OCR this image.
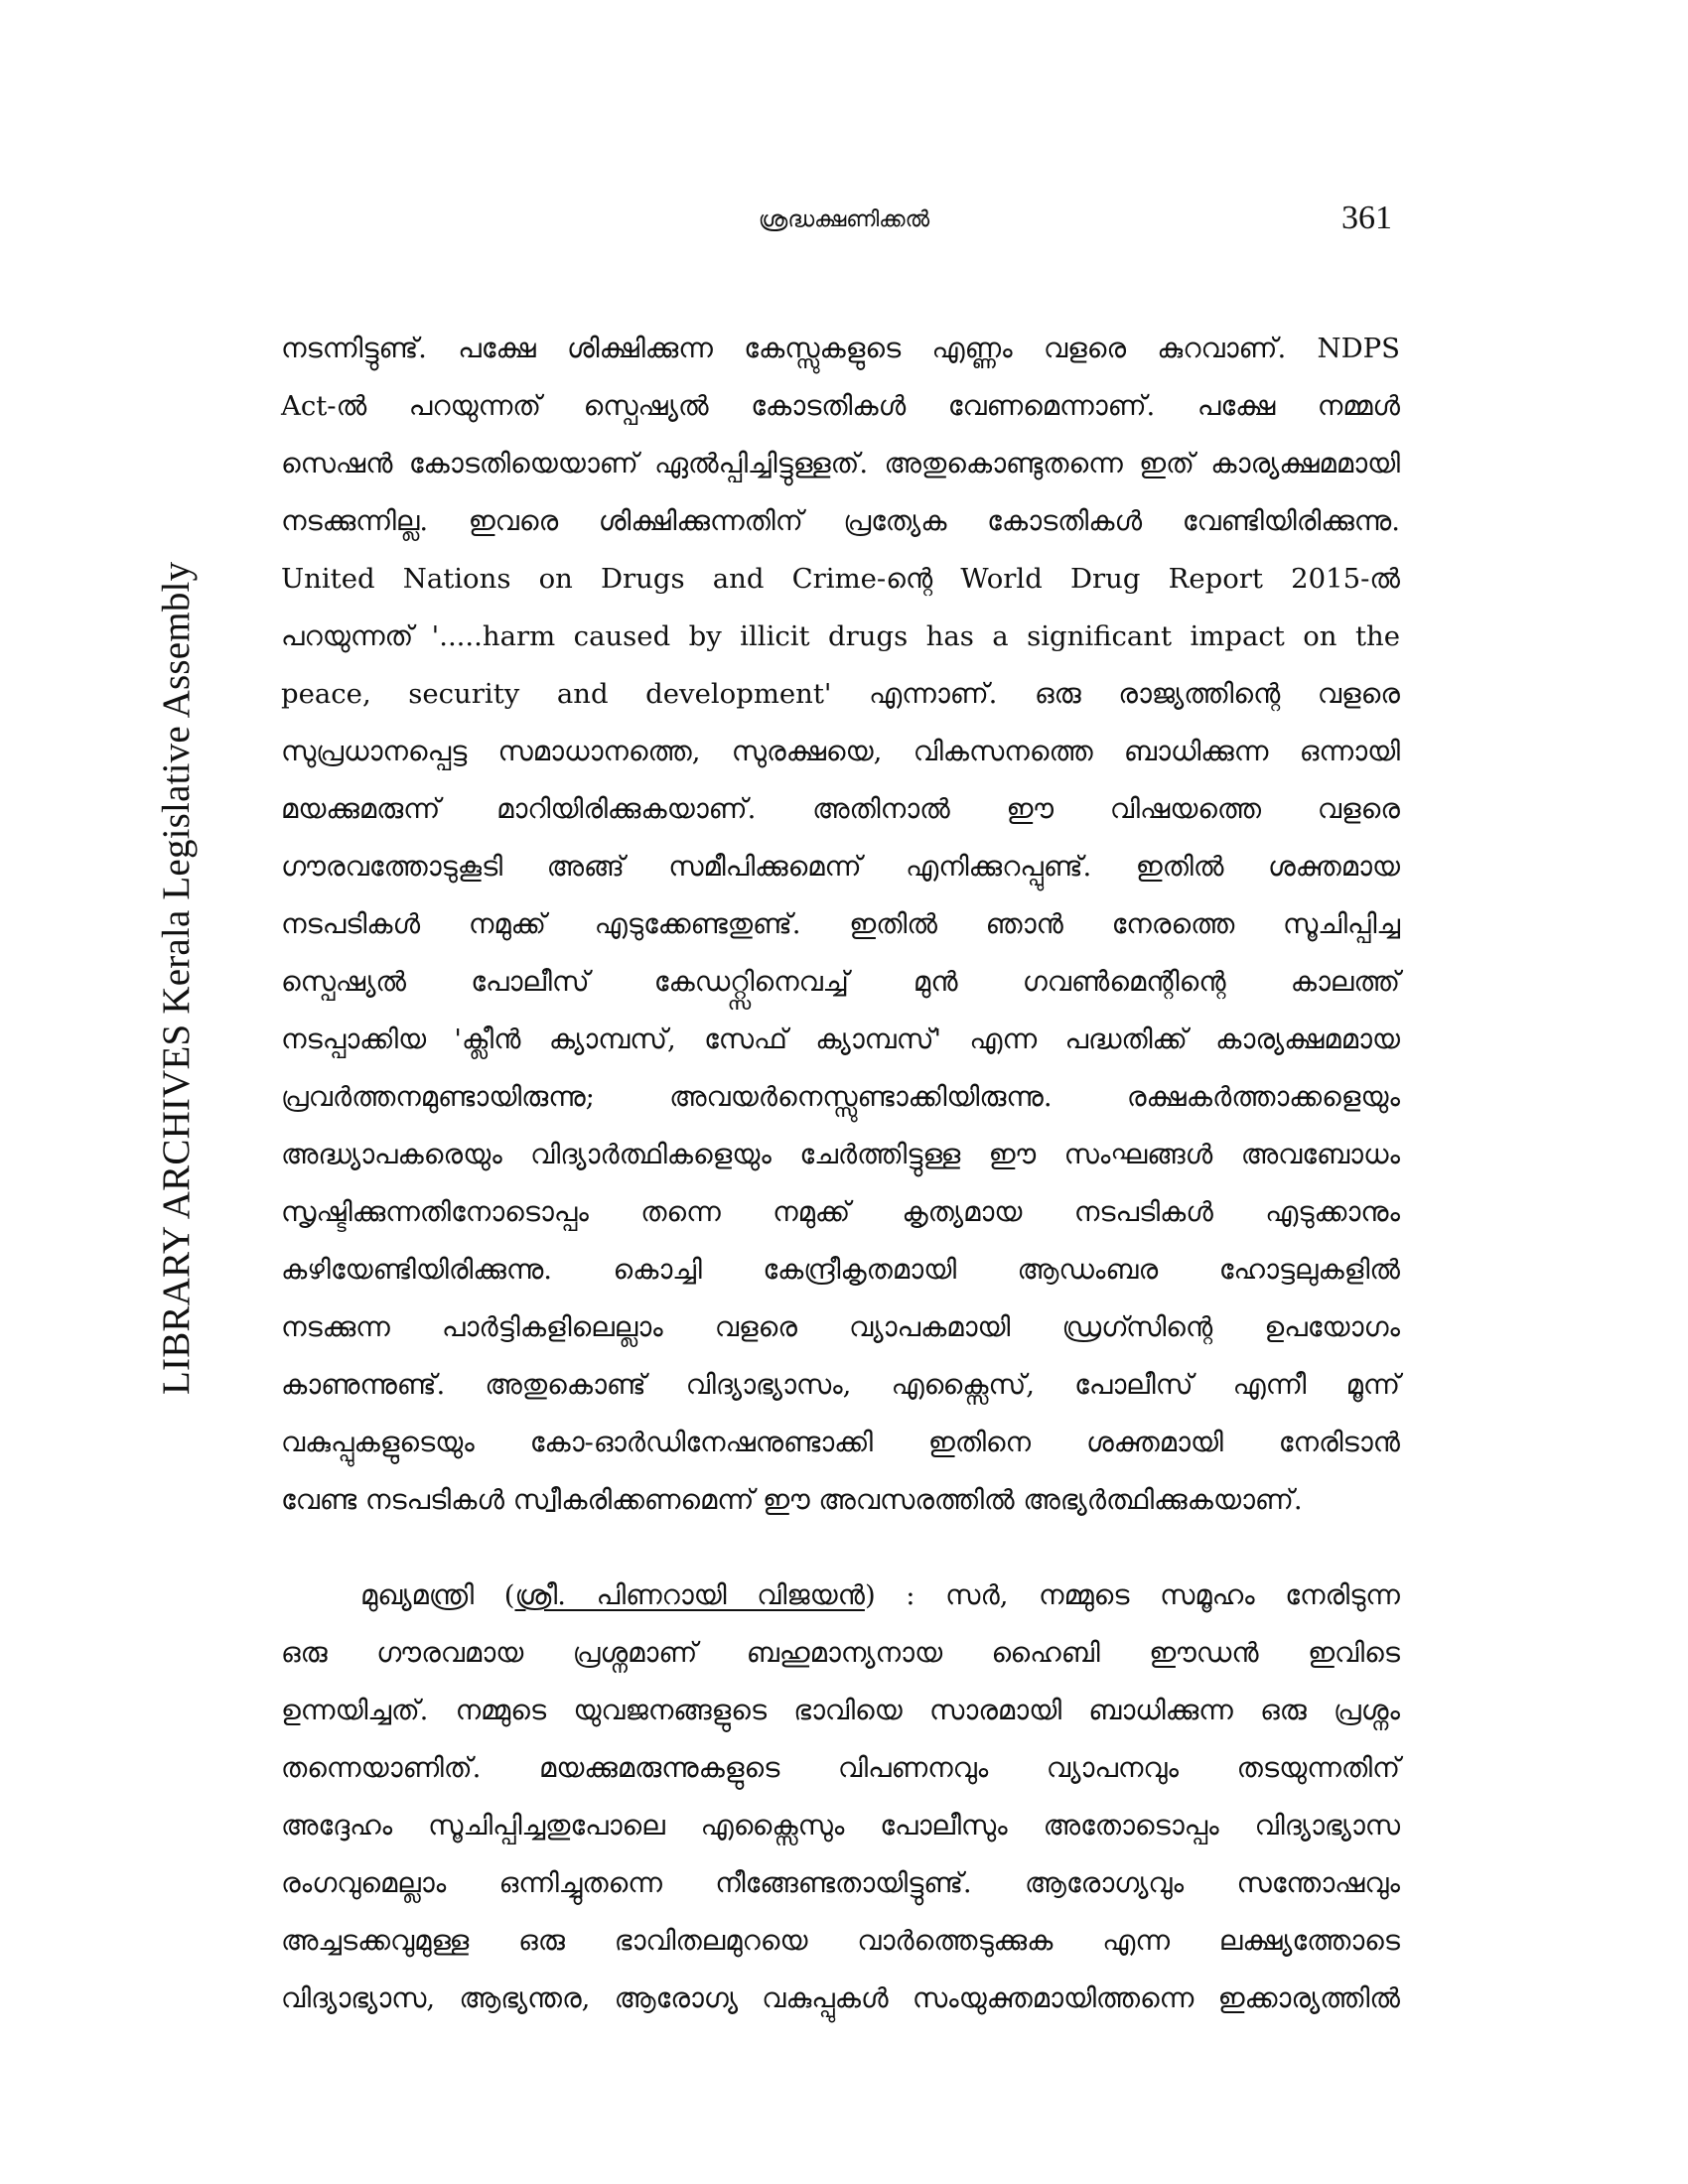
LIBRARY ARCHIVES Kerala Legislative Assembly
ശ്രദ്ധക്ഷണിക്കൽ	361
നടന്നിട്ടുണ്ട്. പക്ഷേ ശിക്ഷിക്കുന്ന കേസ്സുകളുടെ എണ്ണം വളരെ കുറവാണ്. NDPS
Act-ൽ പറയുന്നത് സ്പെഷ്യൽ കോടതികൾ വേണമെന്നാണ്. പക്ഷേ നമ്മൾ
സെഷൻ കോടതിയെയാണ് ഏൽപ്പിച്ചിട്ടുള്ളത്. അതുകൊണ്ടുതന്നെ ഇത് കാര്യക്ഷമമായി
നടക്കുന്നില്ല. ഇവരെ ശിക്ഷിക്കുന്നതിന് പ്രത്യേക കോടതികൾ വേണ്ടിയിരിക്കുന്നു.
United Nations on Drugs and Crime-ന്റെ World Drug Report 2015-ൽ
പറയുന്നത് '.....harm caused by illicit drugs has a significant impact on the
peace, security and development' എന്നാണ്. ഒരു രാജ്യത്തിന്റെ വളരെ
സുപ്രധാനപ്പെട്ട സമാധാനത്തെ, സുരക്ഷയെ, വികസനത്തെ ബാധിക്കുന്ന ഒന്നായി
മയക്കുമരുന്ന് മാറിയിരിക്കുകയാണ്. അതിനാൽ ഈ വിഷയത്തെ വളരെ
ഗൗരവത്തോടുകൂടി അങ്ങ് സമീപിക്കുമെന്ന് എനിക്കുറപ്പുണ്ട്. ഇതിൽ ശക്തമായ
നടപടികൾ നമുക്ക് എടുക്കേണ്ടതുണ്ട്. ഇതിൽ ഞാൻ നേരത്തെ സൂചിപ്പിച്ച
സ്പെഷ്യൽ പോലീസ് കേഡറ്റ്സിനെവച്ച് മുൻ ഗവൺമെന്റിന്റെ കാലത്ത്
നടപ്പാക്കിയ 'ക്ലീൻ ക്യാമ്പസ്, സേഫ് ക്യാമ്പസ്' എന്ന പദ്ധതിക്ക് കാര്യക്ഷമമായ
പ്രവർത്തനമുണ്ടായിരുന്നു; അവയർനെസ്സുണ്ടാക്കിയിരുന്നു. രക്ഷകർത്താക്കളെയും
അദ്ധ്യാപകരെയും വിദ്യാർത്ഥികളെയും ചേർത്തിട്ടുള്ള ഈ സംഘങ്ങൾ അവബോധം
സൃഷ്ടിക്കുന്നതിനോടൊപ്പം തന്നെ നമുക്ക് കൃത്യമായ നടപടികൾ എടുക്കാനും
കഴിയേണ്ടിയിരിക്കുന്നു. കൊച്ചി കേന്ദ്രീകൃതമായി ആഡംബര ഹോട്ടലുകളിൽ
നടക്കുന്ന പാർട്ടികളിലെല്ലാം വളരെ വ്യാപകമായി ഡ്രഗ്സിന്റെ ഉപയോഗം
കാണുന്നുണ്ട്. അതുകൊണ്ട് വിദ്യാഭ്യാസം, എക്സൈസ്, പോലീസ് എന്നീ മൂന്ന്
വകുപ്പുകളുടെയും കോ-ഓർഡിനേഷനുണ്ടാക്കി ഇതിനെ ശക്തമായി നേരിടാൻ
വേണ്ട നടപടികൾ സ്വീകരിക്കണമെന്ന് ഈ അവസരത്തിൽ അഭ്യർത്ഥിക്കുകയാണ്.
മുഖ്യമന്ത്രി (ശ്രീ. പിണറായി വിജയൻ) : സർ, നമ്മുടെ സമൂഹം നേരിടുന്ന
ഒരു ഗൗരവമായ പ്രശ്നമാണ് ബഹുമാന്യനായ ഹൈബി ഈഡൻ ഇവിടെ
ഉന്നയിച്ചത്. നമ്മുടെ യുവജനങ്ങളുടെ ഭാവിയെ സാരമായി ബാധിക്കുന്ന ഒരു പ്രശ്നം
തന്നെയാണിത്. മയക്കുമരുന്നുകളുടെ വിപണനവും വ്യാപനവും തടയുന്നതിന്
അദ്ദേഹം സൂചിപ്പിച്ചതുപോലെ എക്സൈസും പോലീസും അതോടൊപ്പം വിദ്യാഭ്യാസ
രംഗവുമെല്ലാം ഒന്നിച്ചുതന്നെ നീങ്ങേണ്ടതായിട്ടുണ്ട്. ആരോഗ്യവും സന്തോഷവും
അച്ചടക്കവുമുള്ള ഒരു ഭാവിതലമുറയെ വാർത്തെടുക്കുക എന്ന ലക്ഷ്യത്തോടെ
വിദ്യാഭ്യാസ, ആഭ്യന്തര, ആരോഗ്യ വകുപ്പുകൾ സംയുക്തമായിത്തന്നെ ഇക്കാര്യത്തിൽ
